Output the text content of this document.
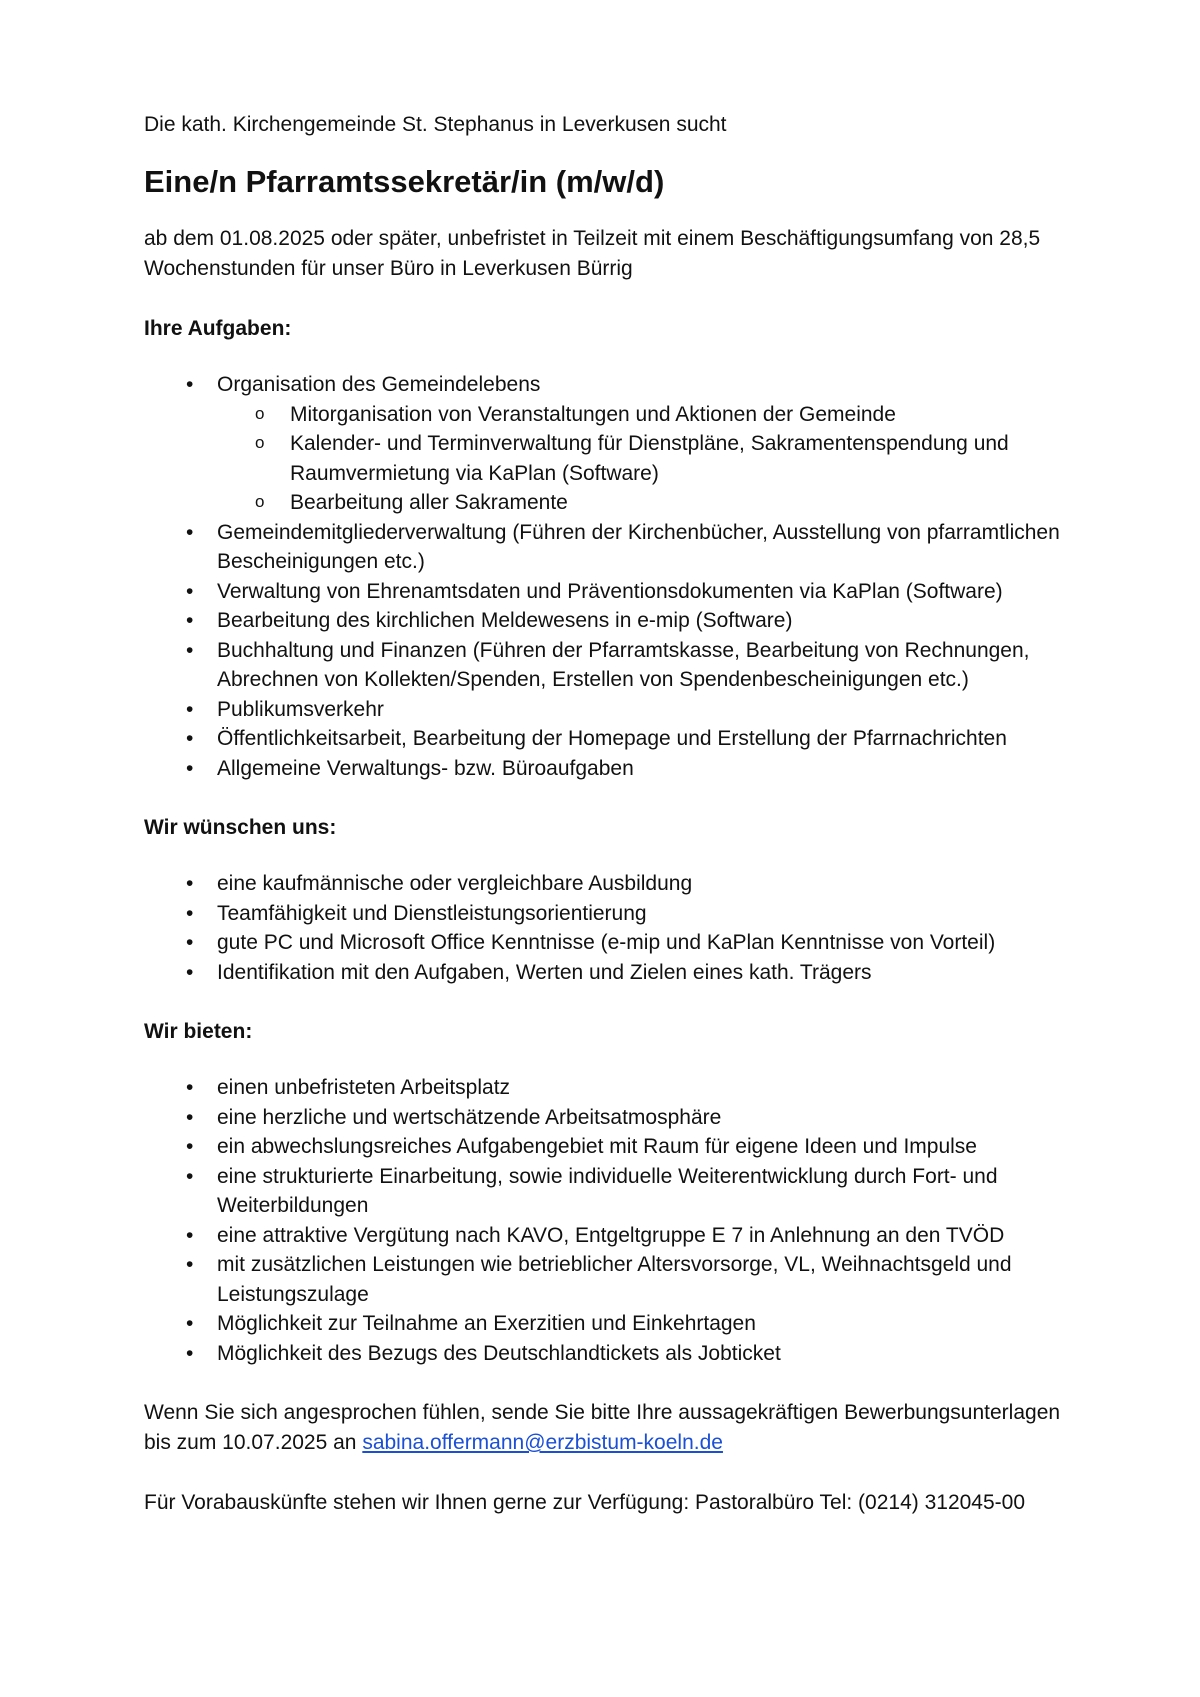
Die kath. Kirchengemeinde St. Stephanus in Leverkusen sucht
Eine/n Pfarramtssekretär/in (m/w/d)
ab dem 01.08.2025 oder später, unbefristet in Teilzeit mit einem Beschäftigungsumfang von 28,5 Wochenstunden für unser Büro in Leverkusen Bürrig
Ihre Aufgaben:
• Organisation des Gemeindelebens
o Mitorganisation von Veranstaltungen und Aktionen der Gemeinde
o Kalender- und Terminverwaltung für Dienstpläne, Sakramentenspendung und Raumvermietung via KaPlan (Software)
o Bearbeitung aller Sakramente
• Gemeindemitgliederverwaltung (Führen der Kirchenbücher, Ausstellung von pfarramtlichen Bescheinigungen etc.)
• Verwaltung von Ehrenamtsdaten und Präventionsdokumenten via KaPlan (Software)
• Bearbeitung des kirchlichen Meldewesens in e-mip (Software)
• Buchhaltung und Finanzen (Führen der Pfarramtskasse, Bearbeitung von Rechnungen, Abrechnen von Kollekten/Spenden, Erstellen von Spendenbescheinigungen etc.)
• Publikumsverkehr
• Öffentlichkeitsarbeit, Bearbeitung der Homepage und Erstellung der Pfarrnachrichten
• Allgemeine Verwaltungs- bzw. Büroaufgaben
Wir wünschen uns:
• eine kaufmännische oder vergleichbare Ausbildung
• Teamfähigkeit und Dienstleistungsorientierung
• gute PC und Microsoft Office Kenntnisse (e-mip und KaPlan Kenntnisse von Vorteil)
• Identifikation mit den Aufgaben, Werten und Zielen eines kath. Trägers
Wir bieten:
• einen unbefristeten Arbeitsplatz
• eine herzliche und wertschätzende Arbeitsatmosphäre
• ein abwechslungsreiches Aufgabengebiet mit Raum für eigene Ideen und Impulse
• eine strukturierte Einarbeitung, sowie individuelle Weiterentwicklung durch Fort- und Weiterbildungen
• eine attraktive Vergütung nach KAVO, Entgeltgruppe E 7 in Anlehnung an den TVÖD
• mit zusätzlichen Leistungen wie betrieblicher Altersvorsorge, VL, Weihnachtsgeld und Leistungszulage
• Möglichkeit zur Teilnahme an Exerzitien und Einkehrtagen
• Möglichkeit des Bezugs des Deutschlandtickets als Jobticket
Wenn Sie sich angesprochen fühlen, sende Sie bitte Ihre aussagekräftigen Bewerbungsunterlagen bis zum 10.07.2025 an sabina.offermann@erzbistum-koeln.de
Für Vorabauskünfte stehen wir Ihnen gerne zur Verfügung: Pastoralbüro Tel: (0214) 312045-00
